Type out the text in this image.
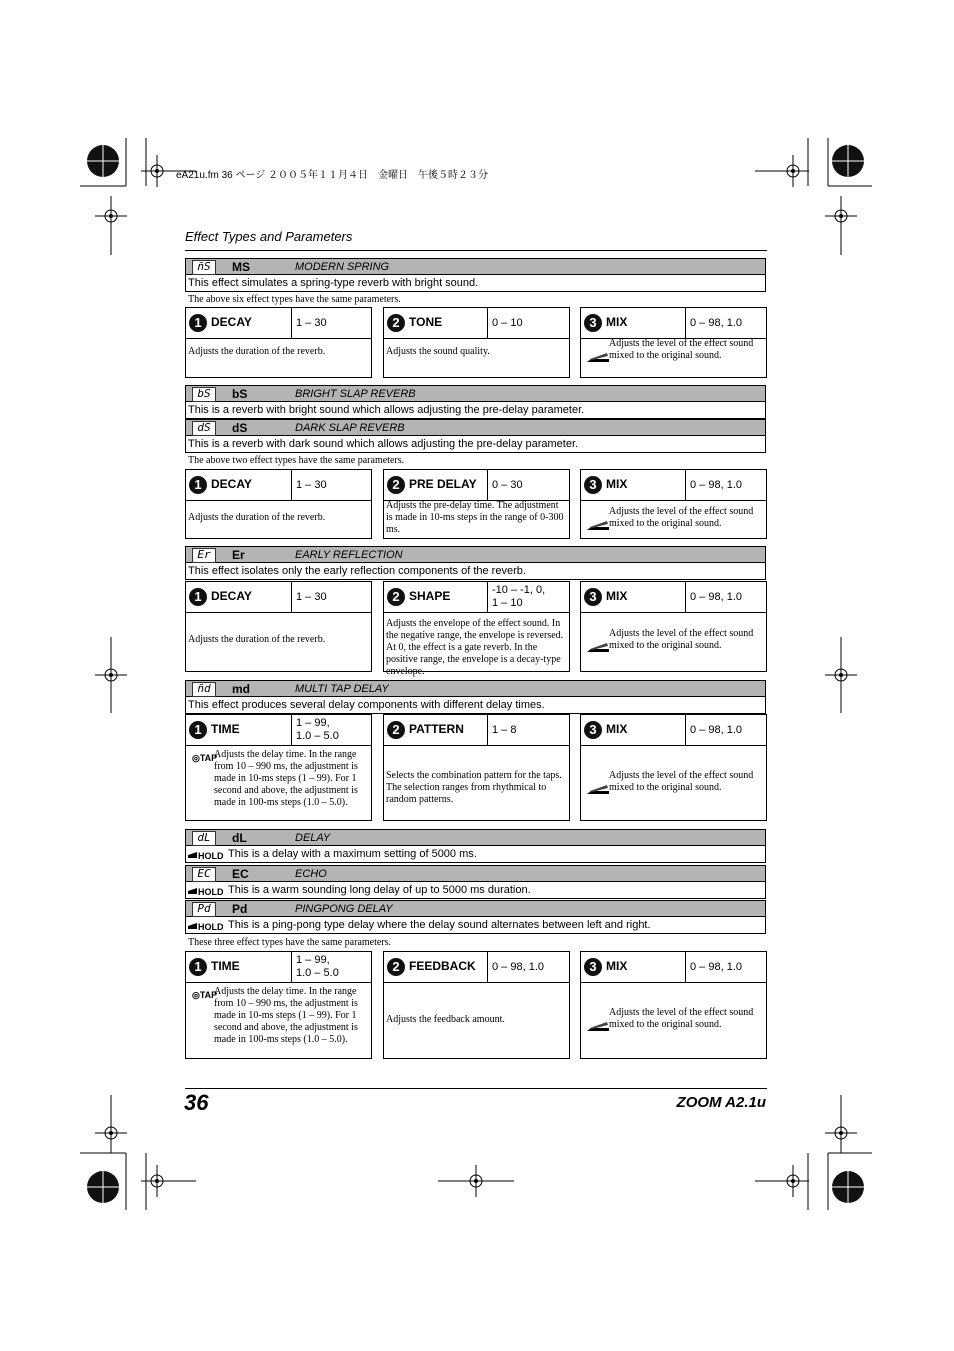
eA21u.fm 36 ページ ２００５年１１月４日　金曜日　午後５時２３分
Effect Types and Parameters
ñS	MS	MODERN SPRING
This effect simulates a spring-type reverb with bright sound.
The above six effect types have the same parameters.
1 DECAY	1 – 30
Adjusts the duration of the reverb.
2 TONE	0 – 10
Adjusts the sound quality.
3 MIX	0 – 98, 1.0
Adjusts the level of the effect sound mixed to the original sound.
bS	bS	BRIGHT SLAP REVERB
This is a reverb with bright sound which allows adjusting the pre-delay parameter.
dS	dS	DARK SLAP REVERB
This is a reverb with dark sound which allows adjusting the pre-delay parameter.
The above two effect types have the same parameters.
1 DECAY	1 – 30
Adjusts the duration of the reverb.
2 PRE DELAY 0 – 30
Adjusts the pre-delay time. The adjustment is made in 10-ms steps in the range of 0-300 ms.
3 MIX	0 – 98, 1.0
Adjusts the level of the effect sound mixed to the original sound.
Er	Er	EARLY REFLECTION
This effect isolates only the early reflection components of the reverb.
1 DECAY	1 – 30
Adjusts the duration of the reverb.
2 SHAPE	-10 – -1, 0,
1 – 10
Adjusts the envelope of the effect sound. In the negative range, the envelope is reversed. At 0, the effect is a gate reverb. In the positive range, the envelope is a decay-type envelope.
3 MIX	0 – 98, 1.0
Adjusts the level of the effect sound mixed to the original sound.
ñd	md	MULTI TAP DELAY
This effect produces several delay components with different delay times.
1 TIME	1 – 99,
1.0 – 5.0
◎TAP
Adjusts the delay time. In the range from 10 – 990 ms, the adjustment is made in 10-ms steps (1 – 99). For 1 second and above, the adjustment is made in 100-ms steps (1.0 – 5.0).
2 PATTERN	1 – 8
Selects the combination pattern for the taps. The selection ranges from rhythmical to random patterns.
3 MIX	0 – 98, 1.0
Adjusts the level of the effect sound mixed to the original sound.
dL	dL	DELAY
HOLD This is a delay with a maximum setting of 5000 ms.
EC	EC	ECHO
HOLD This is a warm sounding long delay of up to 5000 ms duration.
Pd	Pd	PINGPONG DELAY
HOLD This is a ping-pong type delay where the delay sound alternates between left and right.
These three effect types have the same parameters.
1 TIME	1 – 99,
1.0 – 5.0
◎TAP
Adjusts the delay time. In the range from 10 – 990 ms, the adjustment is made in 10-ms steps (1 – 99). For 1 second and above, the adjustment is made in 100-ms steps (1.0 – 5.0).
2 FEEDBACK 0 – 98, 1.0
Adjusts the feedback amount.
3 MIX	0 – 98, 1.0
Adjusts the level of the effect sound mixed to the original sound.
36	ZOOM A2.1u
